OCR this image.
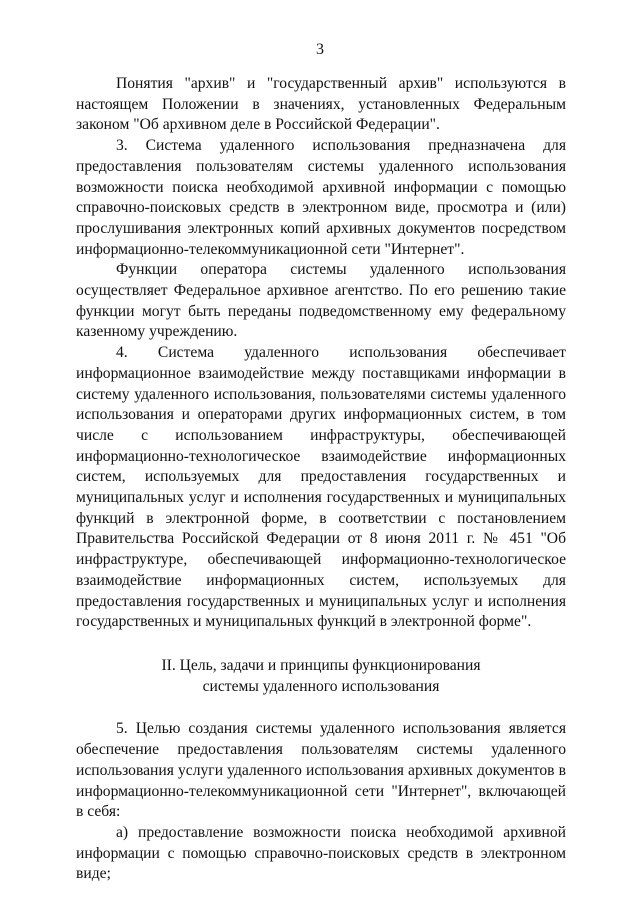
3

Понятия "архив" и "государственный архив" используются в настоящем Положении в значениях, установленных Федеральным законом "Об архивном деле в Российской Федерации".

3. Система удаленного использования предназначена для предоставления пользователям системы удаленного использования возможности поиска необходимой архивной информации с помощью справочно-поисковых средств в электронном виде, просмотра и (или) прослушивания электронных копий архивных документов посредством информационно-телекоммуникационной сети "Интернет".

Функции оператора системы удаленного использования осуществляет Федеральное архивное агентство. По его решению такие функции могут быть переданы подведомственному ему федеральному казенному учреждению.

4. Система удаленного использования обеспечивает информационное взаимодействие между поставщиками информации в систему удаленного использования, пользователями системы удаленного использования и операторами других информационных систем, в том числе с использованием инфраструктуры, обеспечивающей информационно-технологическое взаимодействие информационных систем, используемых для предоставления государственных и муниципальных услуг и исполнения государственных и муниципальных функций в электронной форме, в соответствии с постановлением Правительства Российской Федерации от 8 июня 2011 г. № 451 "Об инфраструктуре, обеспечивающей информационно-технологическое взаимодействие информационных систем, используемых для предоставления государственных и муниципальных услуг и исполнения государственных и муниципальных функций в электронной форме".

II. Цель, задачи и принципы функционирования
системы удаленного использования

5. Целью создания системы удаленного использования является обеспечение предоставления пользователям системы удаленного использования услуги удаленного использования архивных документов в информационно-телекоммуникационной сети "Интернет", включающей в себя:

а) предоставление возможности поиска необходимой архивной информации с помощью справочно-поисковых средств в электронном виде;
